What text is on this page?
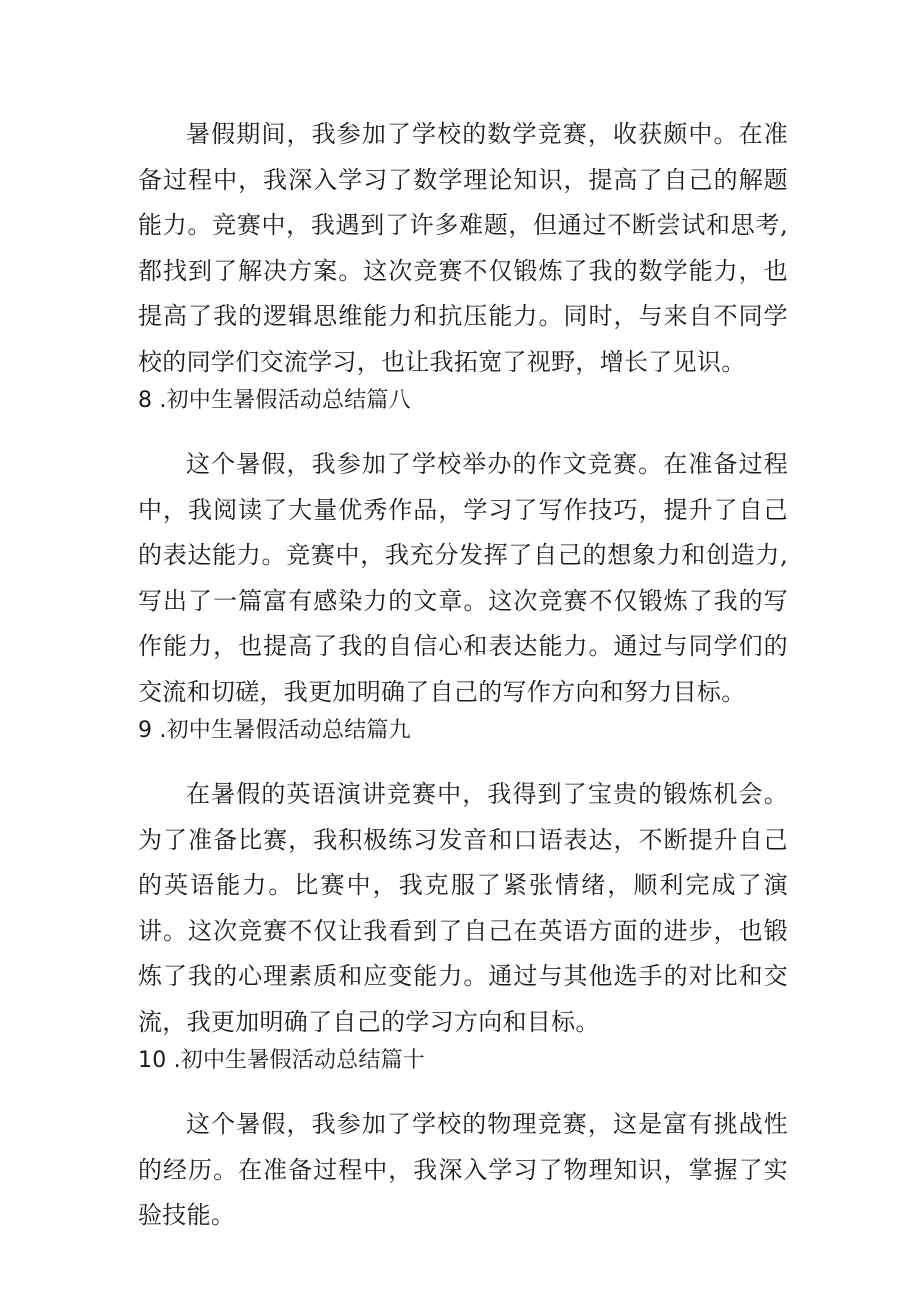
暑假期间，我参加了学校的数学竞赛，收获颇中。在准备过程中，我深入学习了数学理论知识，提高了自己的解题能力。竞赛中，我遇到了许多难题，但通过不断尝试和思考,都找到了解决方案。这次竞赛不仅锻炼了我的数学能力，也提高了我的逻辑思维能力和抗压能力。同时，与来自不同学校的同学们交流学习，也让我拓宽了视野，增长了见识。

8 .初中生暑假活动总结篇八

这个暑假，我参加了学校举办的作文竞赛。在准备过程中，我阅读了大量优秀作品，学习了写作技巧，提升了自己的表达能力。竞赛中，我充分发挥了自己的想象力和创造力,写出了一篇富有感染力的文章。这次竞赛不仅锻炼了我的写作能力，也提高了我的自信心和表达能力。通过与同学们的交流和切磋，我更加明确了自己的写作方向和努力目标。

9 .初中生暑假活动总结篇九

在暑假的英语演讲竞赛中，我得到了宝贵的锻炼机会。为了准备比赛，我积极练习发音和口语表达，不断提升自己的英语能力。比赛中，我克服了紧张情绪，顺利完成了演讲。这次竞赛不仅让我看到了自己在英语方面的进步，也锻炼了我的心理素质和应变能力。通过与其他选手的对比和交流，我更加明确了自己的学习方向和目标。

10 .初中生暑假活动总结篇十

这个暑假，我参加了学校的物理竞赛，这是富有挑战性的经历。在准备过程中，我深入学习了物理知识，掌握了实验技能。
